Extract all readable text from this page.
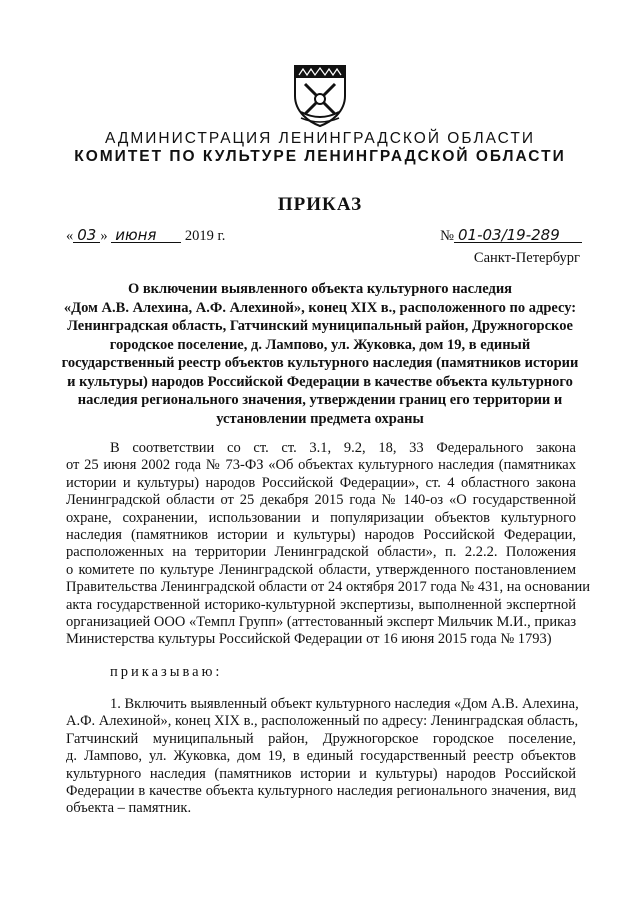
АДМИНИСТРАЦИЯ ЛЕНИНГРАДСКОЙ ОБЛАСТИ
КОМИТЕТ ПО КУЛЬТУРЕ ЛЕНИНГРАДСКОЙ ОБЛАСТИ
ПРИКАЗ
« 03 » июня 2019 г.	№ 01-03/19-289
Санкт-Петербург
О включении выявленного объекта культурного наследия
«Дом А.В. Алехина, А.Ф. Алехиной», конец XIX в., расположенного по адресу:
Ленинградская область, Гатчинский муниципальный район, Дружногорское
городское поселение, д. Лампово, ул. Жуковка, дом 19, в единый
государственный реестр объектов культурного наследия (памятников истории
и культуры) народов Российской Федерации в качестве объекта культурного
наследия регионального значения, утверждении границ его территории и
установлении предмета охраны
В соответствии со ст. ст. 3.1, 9.2, 18, 33 Федерального закона
от 25 июня 2002 года № 73-ФЗ «Об объектах культурного наследия (памятниках
истории и культуры) народов Российской Федерации», ст. 4 областного закона
Ленинградской области от 25 декабря 2015 года № 140-оз «О государственной
охране, сохранении, использовании и популяризации объектов культурного
наследия (памятников истории и культуры) народов Российской Федерации,
расположенных на территории Ленинградской области», п. 2.2.2. Положения
о комитете по культуре Ленинградской области, утвержденного постановлением
Правительства Ленинградской области от 24 октября 2017 года № 431, на основании
акта государственной историко-культурной экспертизы, выполненной экспертной
организацией ООО «Темпл Групп» (аттестованный эксперт Мильчик М.И., приказ
Министерства культуры Российской Федерации от 16 июня 2015 года № 1793)
приказываю:
1. Включить выявленный объект культурного наследия «Дом А.В. Алехина,
А.Ф. Алехиной», конец XIX в., расположенный по адресу: Ленинградская область,
Гатчинский муниципальный район, Дружногорское городское поселение,
д. Лампово, ул. Жуковка, дом 19, в единый государственный реестр объектов
культурного наследия (памятников истории и культуры) народов Российской
Федерации в качестве объекта культурного наследия регионального значения, вид
объекта – памятник.
